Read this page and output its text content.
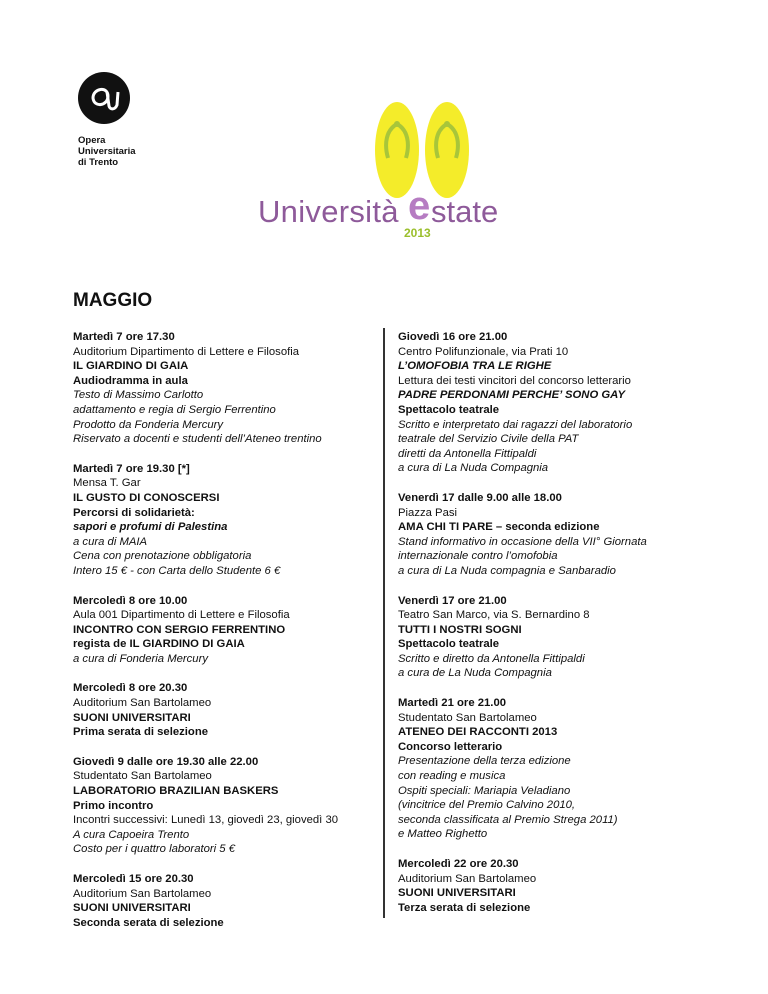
Opera
Universitaria
di Trento
Università e state
2013
MAGGIO
Martedì 7 ore 17.30
Auditorium Dipartimento di Lettere e Filosofia
IL GIARDINO DI GAIA
Audiodramma in aula
Testo di Massimo Carlotto
adattamento e regia di Sergio Ferrentino
Prodotto da Fonderia Mercury
Riservato a docenti e studenti dell’Ateneo trentino
Martedì 7 ore 19.30 [*]
Mensa T. Gar
IL GUSTO DI CONOSCERSI
Percorsi di solidarietà:
sapori e profumi di Palestina
a cura di MAIA
Cena con prenotazione obbligatoria
Intero 15 € - con Carta dello Studente 6 €
Mercoledì 8 ore 10.00
Aula 001 Dipartimento di Lettere e Filosofia
INCONTRO CON SERGIO FERRENTINO
regista de IL GIARDINO DI GAIA
a cura di Fonderia Mercury
Mercoledì 8 ore 20.30
Auditorium San Bartolameo
SUONI UNIVERSITARI
Prima serata di selezione
Giovedì 9 dalle ore 19.30 alle 22.00
Studentato San Bartolameo
LABORATORIO BRAZILIAN BASKERS
Primo incontro
Incontri successivi: Lunedì 13, giovedì 23, giovedì 30
A cura Capoeira Trento
Costo per i quattro laboratori 5 €
Mercoledì 15 ore 20.30
Auditorium San Bartolameo
SUONI UNIVERSITARI
Seconda serata di selezione
Giovedì 16 ore 21.00
Centro Polifunzionale, via Prati 10
L’OMOFOBIA TRA LE RIGHE
Lettura dei testi vincitori del concorso letterario
PADRE PERDONAMI PERCHE’ SONO GAY
Spettacolo teatrale
Scritto e interpretato dai ragazzi del laboratorio
teatrale del Servizio Civile della PAT
diretti da Antonella Fittipaldi
a cura di La Nuda Compagnia
Venerdì 17 dalle 9.00 alle 18.00
Piazza Pasi
AMA CHI TI PARE – seconda edizione
Stand informativo in occasione della VII° Giornata
internazionale contro l’omofobia
a cura di La Nuda compagnia e Sanbaradio
Venerdì 17 ore 21.00
Teatro San Marco, via S. Bernardino 8
TUTTI I NOSTRI SOGNI
Spettacolo teatrale
Scritto e diretto da Antonella Fittipaldi
a cura de La Nuda Compagnia
Martedì 21 ore 21.00
Studentato San Bartolameo
ATENEO DEI RACCONTI 2013
Concorso letterario
Presentazione della terza edizione
con reading e musica
Ospiti speciali: Mariapia Veladiano
(vincitrice del Premio Calvino 2010,
seconda classificata al Premio Strega 2011)
e Matteo Righetto
Mercoledì 22 ore 20.30
Auditorium San Bartolameo
SUONI UNIVERSITARI
Terza serata di selezione
